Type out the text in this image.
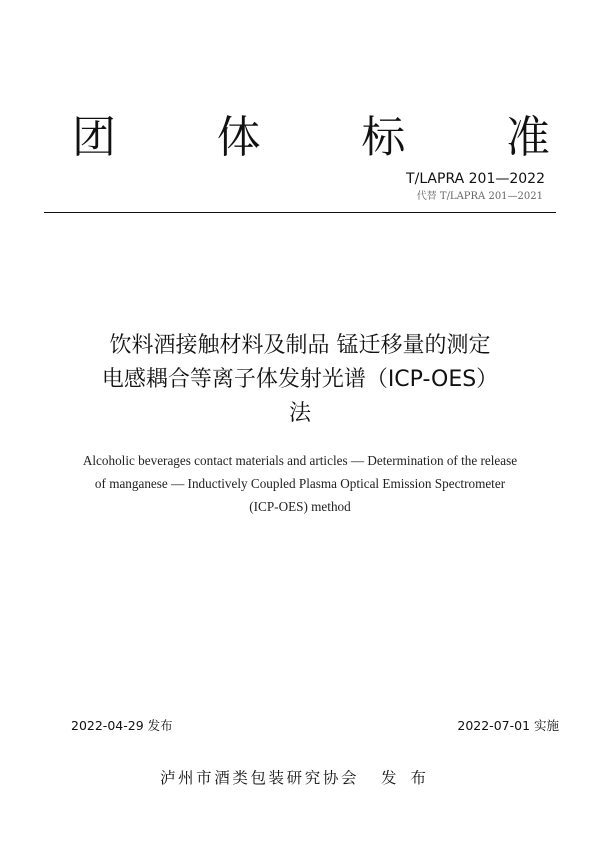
团 体 标 准
T/LAPRA 201—2022
代替 T/LAPRA 201—2021
饮料酒接触材料及制品 锰迁移量的测定
电感耦合等离子体发射光谱（ICP-OES）
法
Alcoholic beverages contact materials and articles — Determination of the release
of manganese — Inductively Coupled Plasma Optical Emission Spectrometer
(ICP-OES) method
2022-04-29 发布	2022-07-01 实施
泸州市酒类包装研究协会 发布
